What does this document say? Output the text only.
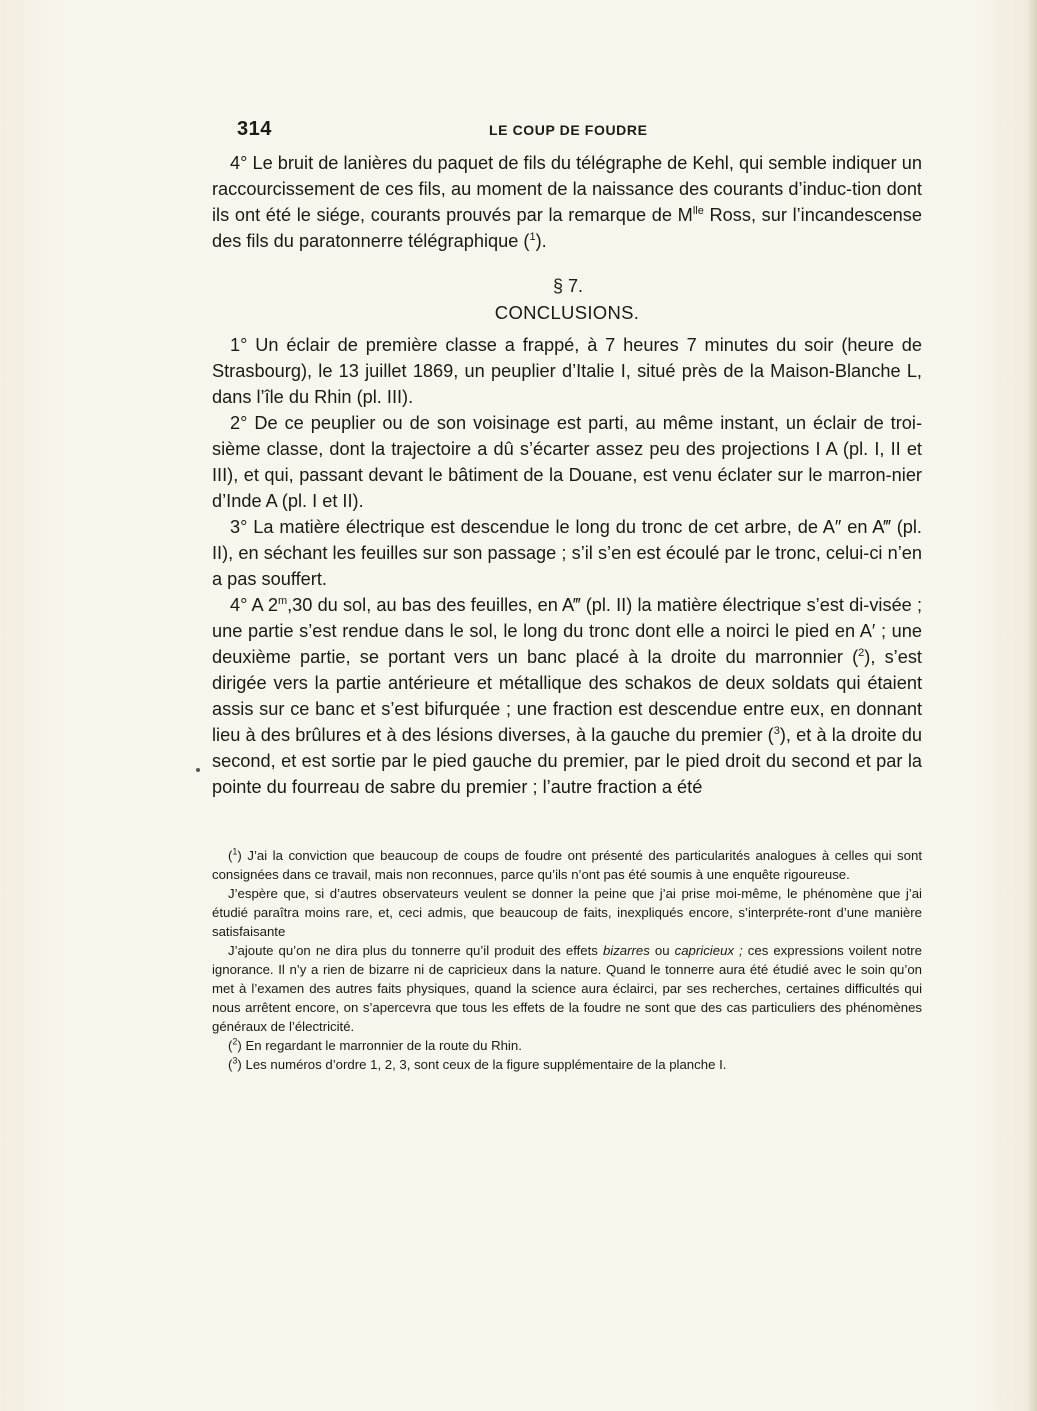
314	LE COUP DE FOUDRE

4° Le bruit de lanières du paquet de fils du télégraphe de Kehl, qui semble indiquer un raccourcissement de ces fils, au moment de la naissance des courants d’induc-tion dont ils ont été le siége, courants prouvés par la remarque de $M^{lle}$ Ross, sur l’incandescense des fils du paratonnerre télégraphique ($^1$).

§ 7.
CONCLUSIONS.

1° Un éclair de première classe a frappé, à 7 heures 7 minutes du soir (heure de Strasbourg), le 13 juillet 1869, un peuplier d’Italie I, situé près de la Maison-Blanche L, dans l’île du Rhin (pl. III).

2° De ce peuplier ou de son voisinage est parti, au même instant, un éclair de troi-sième classe, dont la trajectoire a dû s’écarter assez peu des projections I A (pl. I, II et III), et qui, passant devant le bâtiment de la Douane, est venu éclater sur le marron-nier d’Inde A (pl. I et II).

3° La matière électrique est descendue le long du tronc de cet arbre, de A″ en A‴ (pl. II), en séchant les feuilles sur son passage ; s’il s’en est écoulé par le tronc, celui-ci n’en a pas souffert.

4° A 2$^m$,30 du sol, au bas des feuilles, en A‴ (pl. II) la matière électrique s’est di-visée ; une partie s’est rendue dans le sol, le long du tronc dont elle a noirci le pied en A′ ; une deuxième partie, se portant vers un banc placé à la droite du marronnier ($^2$), s’est dirigée vers la partie antérieure et métallique des schakos de deux soldats qui étaient assis sur ce banc et s’est bifurquée ; une fraction est descendue entre eux, en donnant lieu à des brûlures et à des lésions diverses, à la gauche du premier ($^3$), et à la droite du second, et est sortie par le pied gauche du premier, par le pied droit du second et par la pointe du fourreau de sabre du premier ; l’autre fraction a été

($^1$) J’ai la conviction que beaucoup de coups de foudre ont présenté des particularités analogues à celles qui sont consignées dans ce travail, mais non reconnues, parce qu’ils n’ont pas été soumis à une enquête rigoureuse.

J’espère que, si d’autres observateurs veulent se donner la peine que j’ai prise moi-même, le phénomène que j’ai étudié paraîtra moins rare, et, ceci admis, que beaucoup de faits, inexpliqués encore, s’interpréte-ront d’une manière satisfaisante

J’ajoute qu’on ne dira plus du tonnerre qu’il produit des effets bizarres ou capricieux ; ces expressions voilent notre ignorance. Il n’y a rien de bizarre ni de capricieux dans la nature. Quand le tonnerre aura été étudié avec le soin qu’on met à l’examen des autres faits physiques, quand la science aura éclairci, par ses recherches, certaines difficultés qui nous arrêtent encore, on s’apercevra que tous les effets de la foudre ne sont que des cas particuliers des phénomènes généraux de l’électricité.

($^2$) En regardant le marronnier de la route du Rhin.

($^3$) Les numéros d’ordre 1, 2, 3, sont ceux de la figure supplémentaire de la planche I.
